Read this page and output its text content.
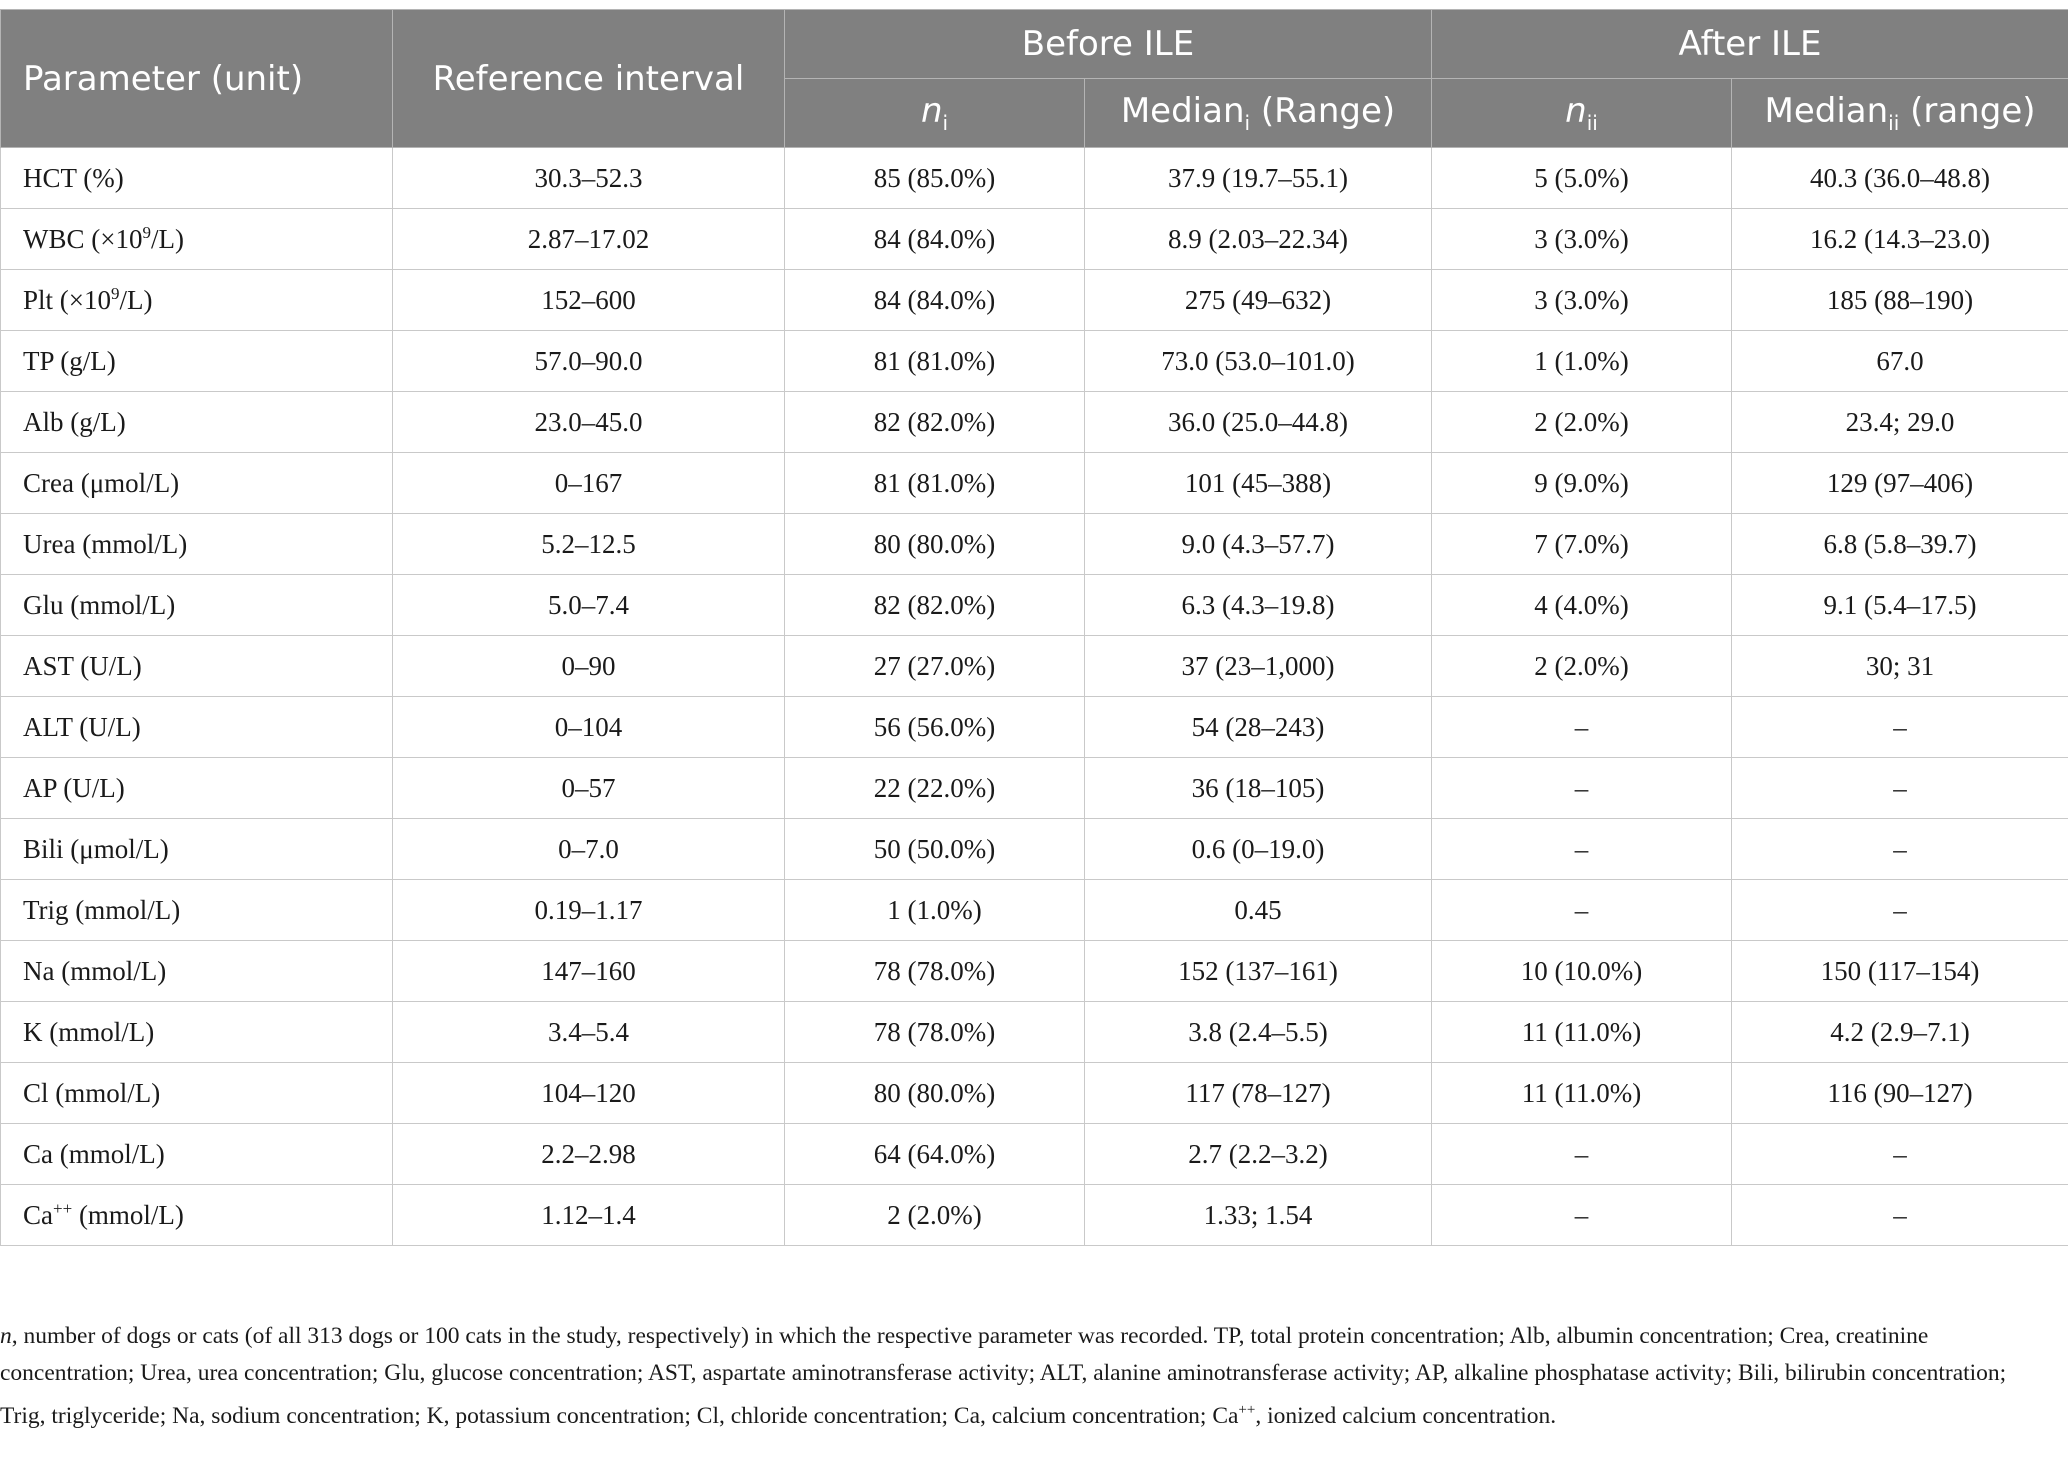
Parameter (unit)	Reference interval	Before ILE		After ILE	
		$n_i$	Median$_i$ (Range)	$n_{ii}$	Median$_{ii}$ (range)
HCT (%)	30.3–52.3	85 (85.0%)	37.9 (19.7–55.1)	5 (5.0%)	40.3 (36.0–48.8)
WBC $(\times 10^9/L)$	2.87–17.02	84 (84.0%)	8.9 (2.03–22.34)	3 (3.0%)	16.2 (14.3–23.0)
Plt $(\times 10^9/L)$	152–600	84 (84.0%)	275 (49–632)	3 (3.0%)	185 (88–190)
TP (g/L)	57.0–90.0	81 (81.0%)	73.0 (53.0–101.0)	1 (1.0%)	67.0
Alb (g/L)	23.0–45.0	82 (82.0%)	36.0 (25.0–44.8)	2 (2.0%)	23.4; 29.0
Crea (μmol/L)	0–167	81 (81.0%)	101 (45–388)	9 (9.0%)	129 (97–406)
Urea (mmol/L)	5.2–12.5	80 (80.0%)	9.0 (4.3–57.7)	7 (7.0%)	6.8 (5.8–39.7)
Glu (mmol/L)	5.0–7.4	82 (82.0%)	6.3 (4.3–19.8)	4 (4.0%)	9.1 (5.4–17.5)
AST (U/L)	0–90	27 (27.0%)	37 (23–1,000)	2 (2.0%)	30; 31
ALT (U/L)	0–104	56 (56.0%)	54 (28–243)	–	–
AP (U/L)	0–57	22 (22.0%)	36 (18–105)	–	–
Bili (μmol/L)	0–7.0	50 (50.0%)	0.6 (0–19.0)	–	–
Trig (mmol/L)	0.19–1.17	1 (1.0%)	0.45	–	–
Na (mmol/L)	147–160	78 (78.0%)	152 (137–161)	10 (10.0%)	150 (117–154)
K (mmol/L)	3.4–5.4	78 (78.0%)	3.8 (2.4–5.5)	11 (11.0%)	4.2 (2.9–7.1)
Cl (mmol/L)	104–120	80 (80.0%)	117 (78–127)	11 (11.0%)	116 (90–127)
Ca (mmol/L)	2.2–2.98	64 (64.0%)	2.7 (2.2–3.2)	–	–
Ca++ (mmol/L)	1.12–1.4	2 (2.0%)	1.33; 1.54	–	–
n, number of dogs or cats (of all 313 dogs or 100 cats in the study, respectively) in which the respective parameter was recorded. TP, total protein concentration; Alb, albumin concentration; Crea, creatinine concentration; Urea, urea concentration; Glu, glucose concentration; AST, aspartate aminotransferase activity; ALT, alanine aminotransferase activity; AP, alkaline phosphatase activity; Bili, bilirubin concentration; Trig, triglyceride; Na, sodium concentration; K, potassium concentration; Cl, chloride concentration; Ca, calcium concentration; Ca++, ionized calcium concentration.
